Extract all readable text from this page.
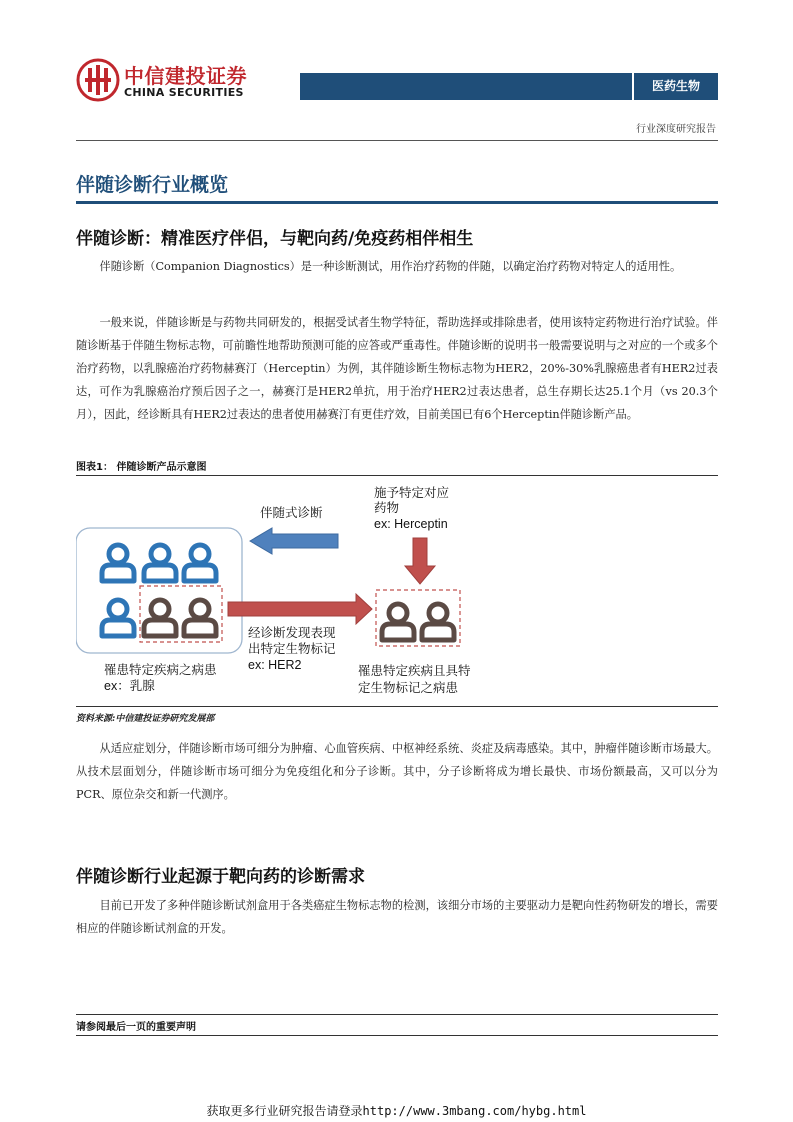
中信建投证券
CHINA SECURITIES	医药生物
行业深度研究报告
伴随诊断行业概览
伴随诊断：精准医疗伴侣，与靶向药/免疫药相伴相生
伴随诊断（Companion Diagnostics）是一种诊断测试，用作治疗药物的伴随，以确定治疗药物对特定人的适用性。
一般来说，伴随诊断是与药物共同研发的，根据受试者生物学特征，帮助选择或排除患者，使用该特定药物进行治疗试验。伴随诊断基于伴随生物标志物，可前瞻性地帮助预测可能的应答或严重毒性。伴随诊断的说明书一般需要说明与之对应的一个或多个治疗药物，以乳腺癌治疗药物赫赛汀（Herceptin）为例，其伴随诊断生物标志物为HER2，20%-30%乳腺癌患者有HER2过表达，可作为乳腺癌治疗预后因子之一，赫赛汀是HER2单抗，用于治疗HER2过表达患者，总生存期长达25.1个月（vs 20.3个月），因此，经诊断具有HER2过表达的患者使用赫赛汀有更佳疗效，目前美国已有6个Herceptin伴随诊断产品。
图表1： 伴随诊断产品示意图
伴随式诊断
施予特定对应
药物
ex: Herceptin
经诊断发现表现
出特定生物标记
ex: HER2
罹患特定疾病之病患
ex：乳腺
罹患特定疾病且具特
定生物标记之病患
资料来源:中信建投证券研究发展部
从适应症划分，伴随诊断市场可细分为肿瘤、心血管疾病、中枢神经系统、炎症及病毒感染。其中，肿瘤伴随诊断市场最大。从技术层面划分，伴随诊断市场可细分为免疫组化和分子诊断。其中，分子诊断将成为增长最快、市场份额最高，又可以分为PCR、原位杂交和新一代测序。
伴随诊断行业起源于靶向药的诊断需求
目前已开发了多种伴随诊断试剂盒用于各类癌症生物标志物的检测，该细分市场的主要驱动力是靶向性药物研发的增长，需要相应的伴随诊断试剂盒的开发。
请参阅最后一页的重要声明
获取更多行业研究报告请登录http://www.3mbang.com/hybg.html
